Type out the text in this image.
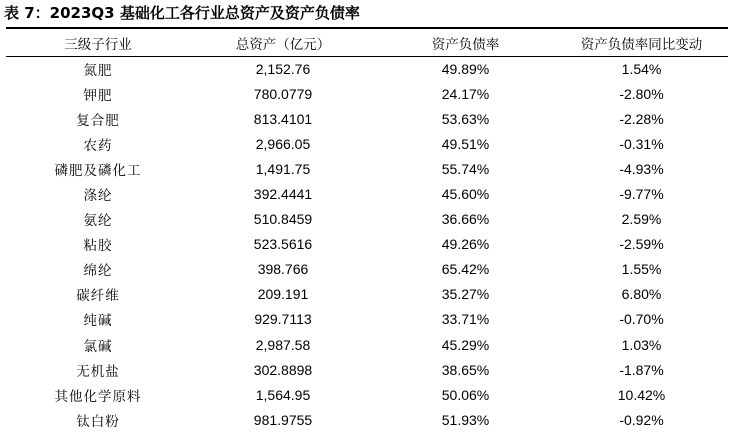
表 7：2023Q3 基础化工各行业总资产及资产负债率
三级子行业	总资产（亿元）	资产负债率	资产负债率同比变动
氮肥	2,152.76	49.89%	1.54%
钾肥	780.0779	24.17%	-2.80%
复合肥	813.4101	53.63%	-2.28%
农药	2,966.05	49.51%	-0.31%
磷肥及磷化工	1,491.75	55.74%	-4.93%
涤纶	392.4441	45.60%	-9.77%
氨纶	510.8459	36.66%	2.59%
粘胶	523.5616	49.26%	-2.59%
绵纶	398.766	65.42%	1.55%
碳纤维	209.191	35.27%	6.80%
纯碱	929.7113	33.71%	-0.70%
氯碱	2,987.58	45.29%	1.03%
无机盐	302.8898	38.65%	-1.87%
其他化学原料	1,564.95	50.06%	10.42%
钛白粉	981.9755	51.93%	-0.92%
